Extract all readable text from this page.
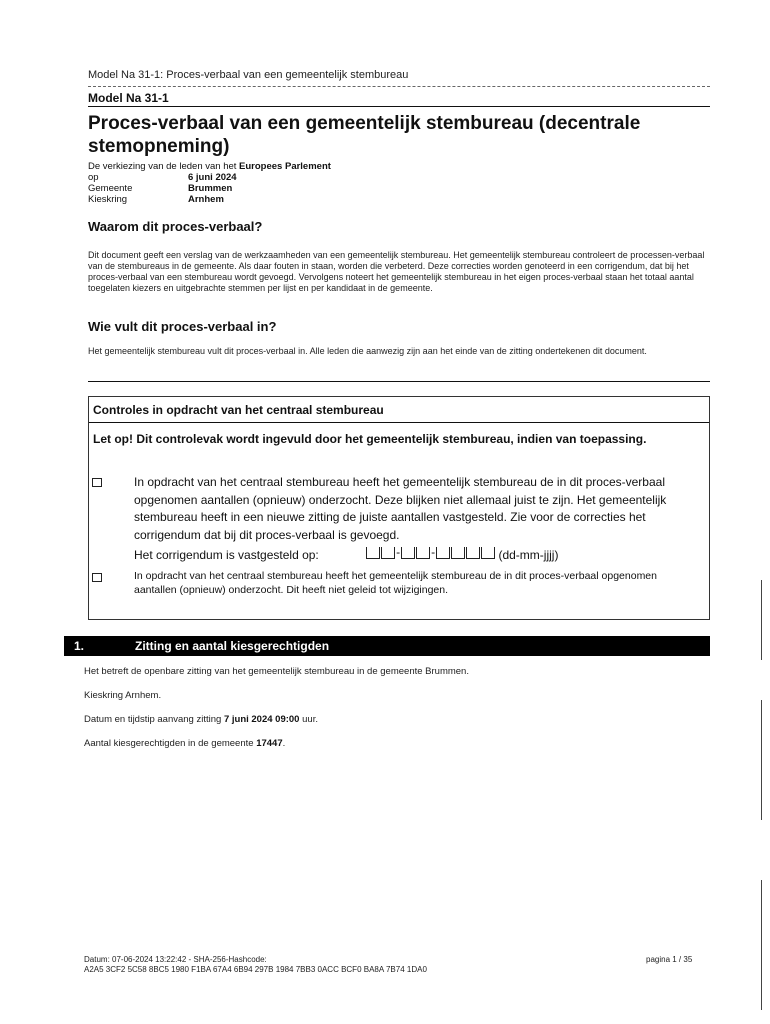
Model Na 31-1: Proces-verbaal van een gemeentelijk stembureau
Model Na 31-1
Proces-verbaal van een gemeentelijk stembureau (decentrale stemopneming)
De verkiezing van de leden van het Europees Parlement
op	6 juni 2024
Gemeente	Brummen
Kieskring	Arnhem
Waarom dit proces-verbaal?
Dit document geeft een verslag van de werkzaamheden van een gemeentelijk stembureau. Het gemeentelijk stembureau controleert de processen-verbaal van de stembureaus in de gemeente. Als daar fouten in staan, worden die verbeterd. Deze correcties worden genoteerd in een corrigendum, dat bij het proces-verbaal van een stembureau wordt gevoegd. Vervolgens noteert het gemeentelijk stembureau in het eigen proces-verbaal staan het totaal aantal toegelaten kiezers en uitgebrachte stemmen per lijst en per kandidaat in de gemeente.
Wie vult dit proces-verbaal in?
Het gemeentelijk stembureau vult dit proces-verbaal in. Alle leden die aanwezig zijn aan het einde van de zitting ondertekenen dit document.
Controles in opdracht van het centraal stembureau
Let op! Dit controlevak wordt ingevuld door het gemeentelijk stembureau, indien van toepassing.
In opdracht van het centraal stembureau heeft het gemeentelijk stembureau de in dit proces-verbaal opgenomen aantallen (opnieuw) onderzocht. Deze blijken niet allemaal juist te zijn. Het gemeentelijk stembureau heeft in een nieuwe zitting de juiste aantallen vastgesteld. Zie voor de correcties het corrigendum dat bij dit proces-verbaal is gevoegd.
Het corrigendum is vastgesteld op:	-	-	(dd-mm-jjjj)
In opdracht van het centraal stembureau heeft het gemeentelijk stembureau de in dit proces-verbaal opgenomen aantallen (opnieuw) onderzocht. Dit heeft niet geleid tot wijzigingen.
1.	Zitting en aantal kiesgerechtigden
Het betreft de openbare zitting van het gemeentelijk stembureau in de gemeente Brummen.
Kieskring Arnhem.
Datum en tijdstip aanvang zitting 7 juni 2024 09:00 uur.
Aantal kiesgerechtigden in de gemeente 17447.
Datum: 07-06-2024 13:22:42 - SHA-256-Hashcode:
A2A5 3CF2 5C58 8BC5 1980 F1BA 67A4 6B94 297B 1984 7BB3 0ACC BCF0 BA8A 7B74 1DA0
pagina 1 / 35
